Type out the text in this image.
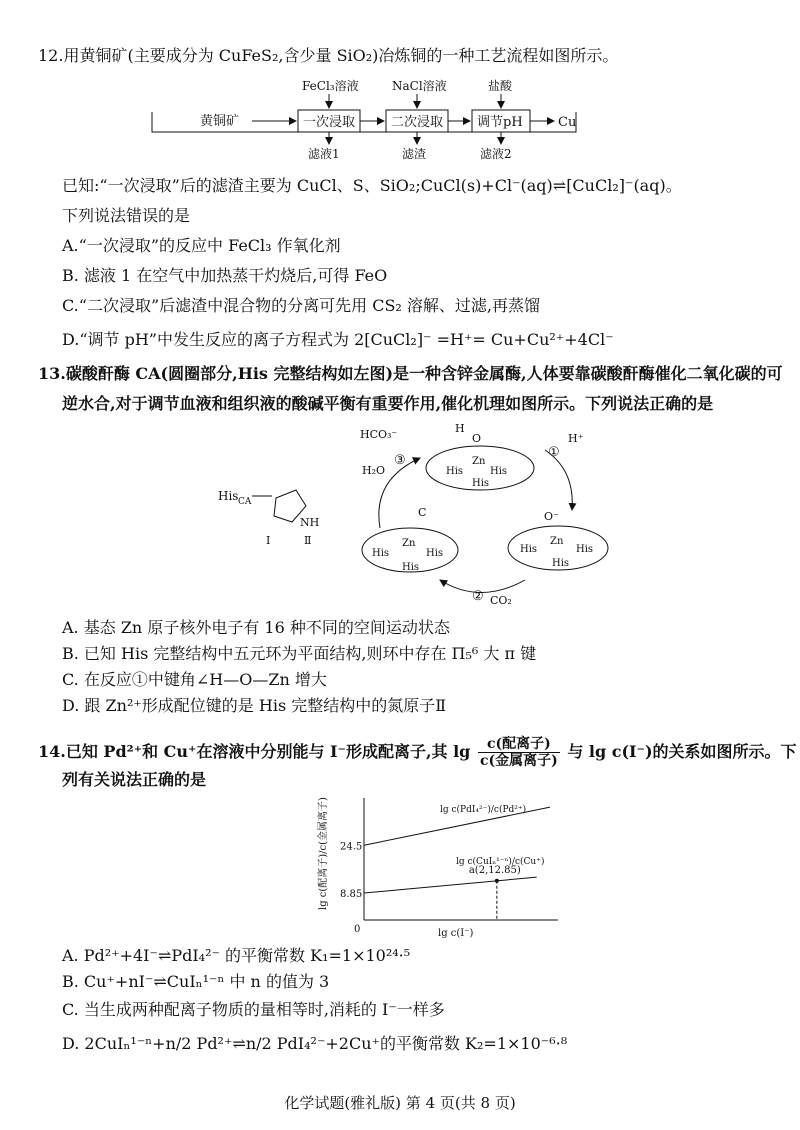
12.用黄铜矿(主要成分为 CuFeS₂,含少量 SiO₂)冶炼铜的一种工艺流程如图所示。
黄铜矿	一次浸取	二次浸取	调节pH	Cu
FeCl₃溶液	NaCl溶液	盐酸
滤液1	滤渣	滤液2
已知:“一次浸取”后的滤渣主要为 CuCl、S、SiO₂;CuCl(s)+Cl⁻(aq)⇌[CuCl₂]⁻(aq)。
下列说法错误的是
A.“一次浸取”的反应中 FeCl₃ 作氧化剂
B. 滤液 1 在空气中加热蒸干灼烧后,可得 FeO
C.“二次浸取”后滤渣中混合物的分离可先用 CS₂ 溶解、过滤,再蒸馏
D.“调节 pH”中发生反应的离子方程式为 2[CuCl₂]⁻ =H⁺= Cu+Cu²⁺+4Cl⁻
13.碳酸酐酶 CA(圆圈部分,His 完整结构如左图)是一种含锌金属酶,人体要靠碳酸酐酶催化二氧化碳的可
逆水合,对于调节血液和组织液的酸碱平衡有重要作用,催化机理如图所示。下列说法正确的是
His CA
NH
Ⅰ	Ⅱ
H
O
Zn
His	His
His
C
Zn
His	His
His
O⁻
Zn
His	His
His
①
H⁺
② CO₂
③
HCO₃⁻
H₂O
A. 基态 Zn 原子核外电子有 16 种不同的空间运动状态
B. 已知 His 完整结构中五元环为平面结构,则环中存在 Π₅⁶ 大 π 键
C. 在反应①中键角∠H—O—Zn 增大
D. 跟 Zn²⁺形成配位键的是 His 完整结构中的氮原子Ⅱ
14.已知 Pd²⁺和 Cu⁺在溶液中分别能与 I⁻形成配离子,其 $\lg \frac{\text{c(配离子)}}{\text{c(金属离子)}}$ 与 lg c(I⁻)的关系如图所示。下
列有关说法正确的是
lg c(配离子)/c(金属离子)
lg c(I⁻)
0
24.5
8.85
a(2,12.85)
lg c(PdI₄²⁻)/c(Pd²⁺)
lg c(CuIₙ¹⁻ⁿ)/c(Cu⁺)
A. Pd²⁺+4I⁻⇌PdI₄²⁻ 的平衡常数 K₁=1×10²⁴·⁵
B. Cu⁺+nI⁻⇌CuIₙ¹⁻ⁿ 中 n 的值为 3
C. 当生成两种配离子物质的量相等时,消耗的 I⁻一样多
D. 2CuIₙ¹⁻ⁿ+n/2 Pd²⁺⇌n/2 PdI₄²⁻+2Cu⁺的平衡常数 K₂=1×10⁻⁶·⁸
化学试题(雅礼版) 第 4 页(共 8 页)
